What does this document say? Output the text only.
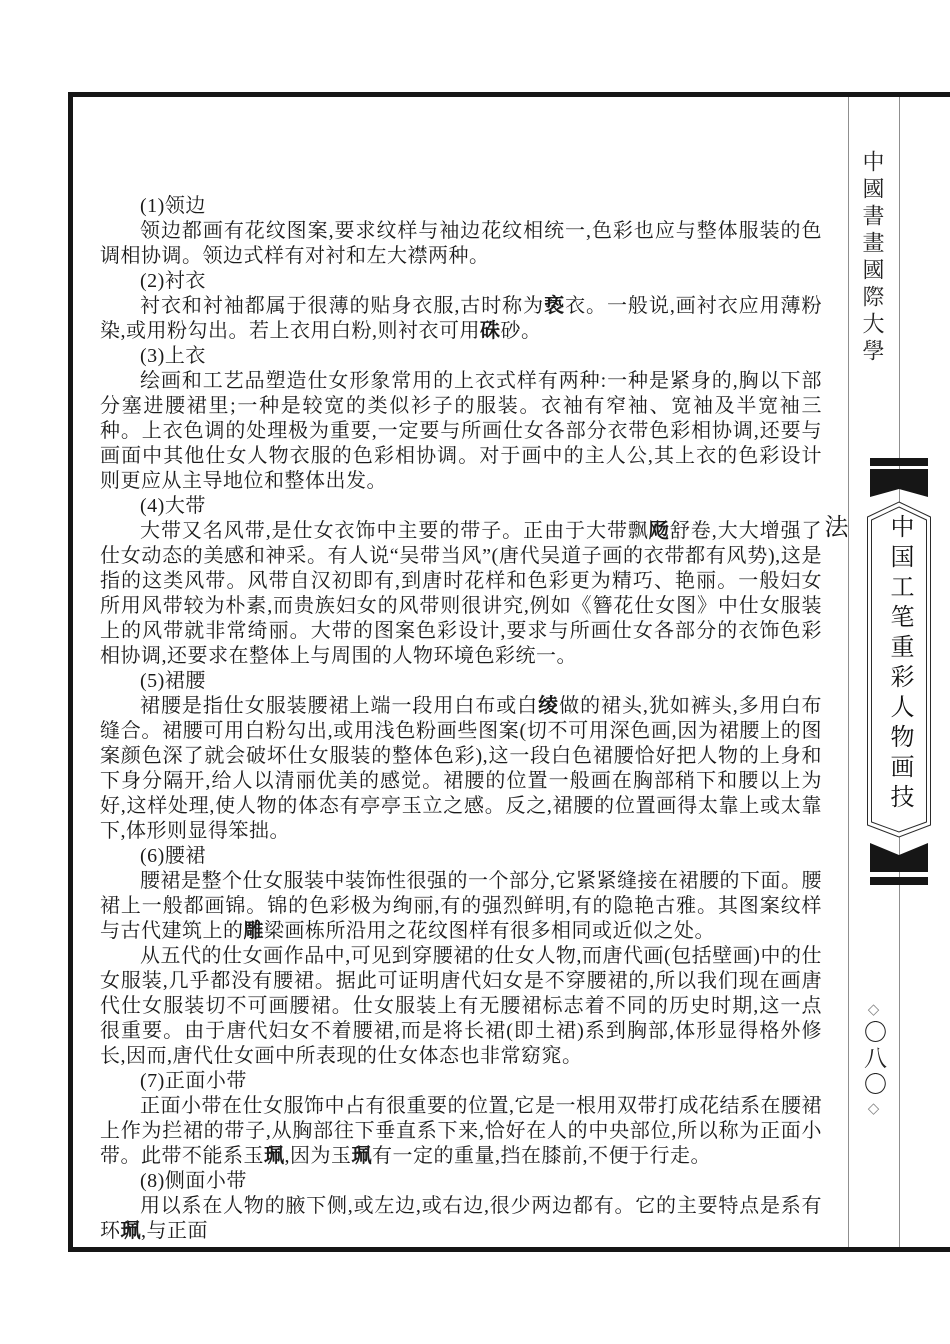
(1)领边

领边都画有花纹图案,要求纹样与袖边花纹相统一,色彩也应与整体服装的色调相协调。领边式样有对衬和左大襟两种。

(2)衬衣

衬衣和衬袖都属于很薄的贴身衣服,古时称为亵衣。一般说,画衬衣应用薄粉染,或用粉勾出。若上衣用白粉,则衬衣可用硃砂。

(3)上衣

绘画和工艺品塑造仕女形象常用的上衣式样有两种:一种是紧身的,胸以下部分塞进腰裙里;一种是较宽的类似衫子的服装。衣袖有窄袖、宽袖及半宽袖三种。上衣色调的处理极为重要,一定要与所画仕女各部分衣带色彩相协调,还要与画面中其他仕女人物衣服的色彩相协调。对于画中的主人公,其上衣的色彩设计则更应从主导地位和整体出发。

(4)大带

大带又名风带,是仕女衣饰中主要的带子。正由于大带飘飏舒卷,大大增强了仕女动态的美感和神采。有人说“吴带当风”(唐代吴道子画的衣带都有风势),这是指的这类风带。风带自汉初即有,到唐时花样和色彩更为精巧、艳丽。一般妇女所用风带较为朴素,而贵族妇女的风带则很讲究,例如《簪花仕女图》中仕女服装上的风带就非常绮丽。大带的图案色彩设计,要求与所画仕女各部分的衣饰色彩相协调,还要求在整体上与周围的人物环境色彩统一。

(5)裙腰

裙腰是指仕女服装腰裙上端一段用白布或白绫做的裙头,犹如裤头,多用白布缝合。裙腰可用白粉勾出,或用浅色粉画些图案(切不可用深色画,因为裙腰上的图案颜色深了就会破坏仕女服装的整体色彩),这一段白色裙腰恰好把人物的上身和下身分隔开,给人以清丽优美的感觉。裙腰的位置一般画在胸部稍下和腰以上为好,这样处理,使人物的体态有亭亭玉立之感。反之,裙腰的位置画得太靠上或太靠下,体形则显得笨拙。

(6)腰裙

腰裙是整个仕女服装中装饰性很强的一个部分,它紧紧缝接在裙腰的下面。腰裙上一般都画锦。锦的色彩极为绚丽,有的强烈鲜明,有的隐艳古雅。其图案纹样与古代建筑上的雕梁画栋所沿用之花纹图样有很多相同或近似之处。

从五代的仕女画作品中,可见到穿腰裙的仕女人物,而唐代画(包括壁画)中的仕女服装,几乎都没有腰裙。据此可证明唐代妇女是不穿腰裙的,所以我们现在画唐代仕女服装切不可画腰裙。仕女服装上有无腰裙标志着不同的历史时期,这一点很重要。由于唐代妇女不着腰裙,而是将长裙(即土裙)系到胸部,体形显得格外修长,因而,唐代仕女画中所表现的仕女体态也非常窈窕。

(7)正面小带

正面小带在仕女服饰中占有很重要的位置,它是一根用双带打成花结系在腰裙上作为拦裙的带子,从胸部往下垂直系下来,恰好在人的中央部位,所以称为正面小带。此带不能系玉珮,因为玉珮有一定的重量,挡在膝前,不便于行走。

(8)侧面小带

用以系在人物的腋下侧,或左边,或右边,很少两边都有。它的主要特点是系有环珮,与正面

中國書畫國際大學
中国工笔重彩人物画技法
◇
〇八〇
◇
